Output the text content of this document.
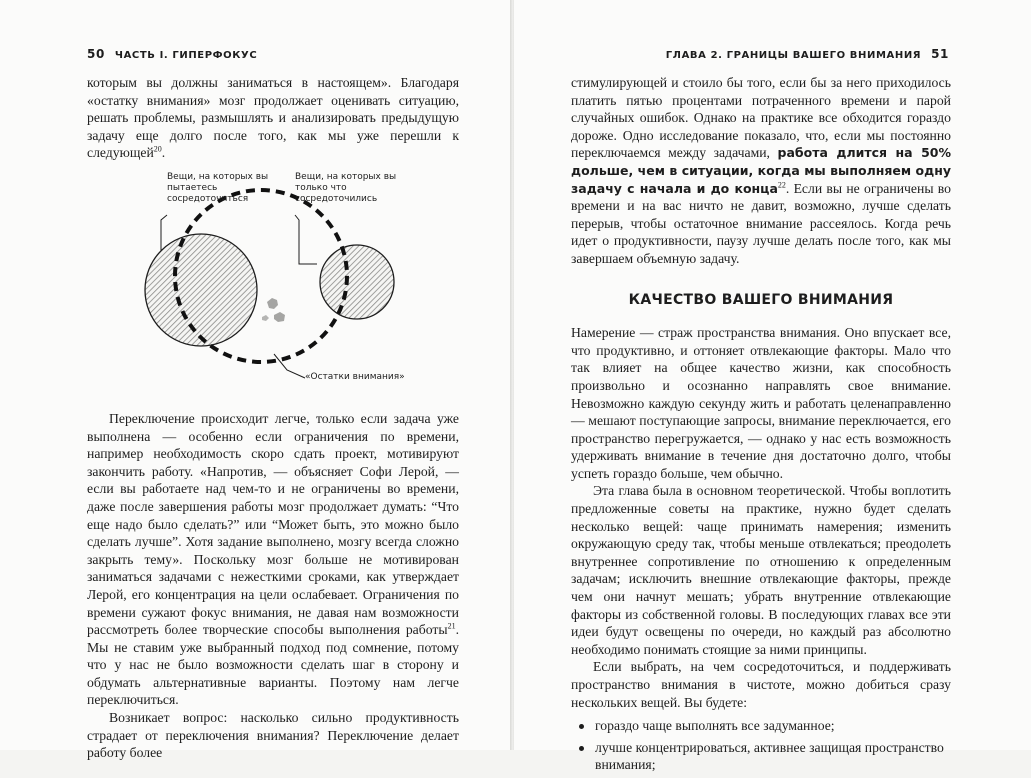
50 ЧАСТЬ I. ГИПЕРФОКУС

которым вы должны заниматься в настоящем». Благодаря «остатку внимания» мозг продолжает оценивать ситуацию, решать проблемы, размышлять и анализировать предыдущую задачу еще долго после того, как мы уже перешли к следующей$^{20}$.

Вещи, на которых вы пытаетесь сосредоточиться
Вещи, на которых вы только что сосредоточились
«Остатки внимания»

Переключение происходит легче, только если задача уже выполнена — особенно если ограничения по времени, например необходимость скоро сдать проект, мотивируют закончить работу. «Напротив, — объясняет Софи Лерой, — если вы работаете над чем-то и не ограничены во времени, даже после завершения работы мозг продолжает думать: “Что еще надо было сделать?” или “Может быть, это можно было сделать лучше”. Хотя задание выполнено, мозгу всегда сложно закрыть тему». Поскольку мозг больше не мотивирован заниматься задачами с нежесткими сроками, как утверждает Лерой, его концентрация на цели ослабевает. Ограничения по времени сужают фокус внимания, не давая нам возможности рассмотреть более творческие способы выполнения работы$^{21}$. Мы не ставим уже выбранный подход под сомнение, потому что у нас не было возможности сделать шаг в сторону и обдумать альтернативные варианты. Поэтому нам легче переключиться.

Возникает вопрос: насколько сильно продуктивность страдает от переключения внимания? Переключение делает работу более

ГЛАВА 2. ГРАНИЦЫ ВАШЕГО ВНИМАНИЯ 51

стимулирующей и стоило бы того, если бы за него приходилось платить пятью процентами потраченного времени и парой случайных ошибок. Однако на практике все обходится гораздо дороже. Одно исследование показало, что, если мы постоянно переключаемся между задачами, работа длится на 50% дольше, чем в ситуации, когда мы выполняем одну задачу с начала и до конца$^{22}$. Если вы не ограничены во времени и на вас ничто не давит, возможно, лучше сделать перерыв, чтобы остаточное внимание рассеялось. Когда речь идет о продуктивности, паузу лучше делать после того, как мы завершаем объемную задачу.

КАЧЕСТВО ВАШЕГО ВНИМАНИЯ

Намерение — страж пространства внимания. Оно впускает все, что продуктивно, и оттоняет отвлекающие факторы. Мало что так влияет на общее качество жизни, как способность произвольно и осознанно направлять свое внимание. Невозможно каждую секунду жить и работать целенаправленно — мешают поступающие запросы, внимание переключается, его пространство перегружается, — однако у нас есть возможность удерживать внимание в течение дня достаточно долго, чтобы успеть гораздо больше, чем обычно.

Эта глава была в основном теоретической. Чтобы воплотить предложенные советы на практике, нужно будет сделать несколько вещей: чаще принимать намерения; изменить окружающую среду так, чтобы меньше отвлекаться; преодолеть внутреннее сопротивление по отношению к определенным задачам; исключить внешние отвлекающие факторы, прежде чем они начнут мешать; убрать внутренние отвлекающие факторы из собственной головы. В последующих главах все эти идеи будут освещены по очереди, но каждый раз абсолютно необходимо понимать стоящие за ними принципы.

Если выбрать, на чем сосредоточиться, и поддерживать пространство внимания в чистоте, можно добиться сразу нескольких вещей. Вы будете:

гораздо чаще выполнять все задуманное;
лучше концентрироваться, активнее защищая пространство внимания;
